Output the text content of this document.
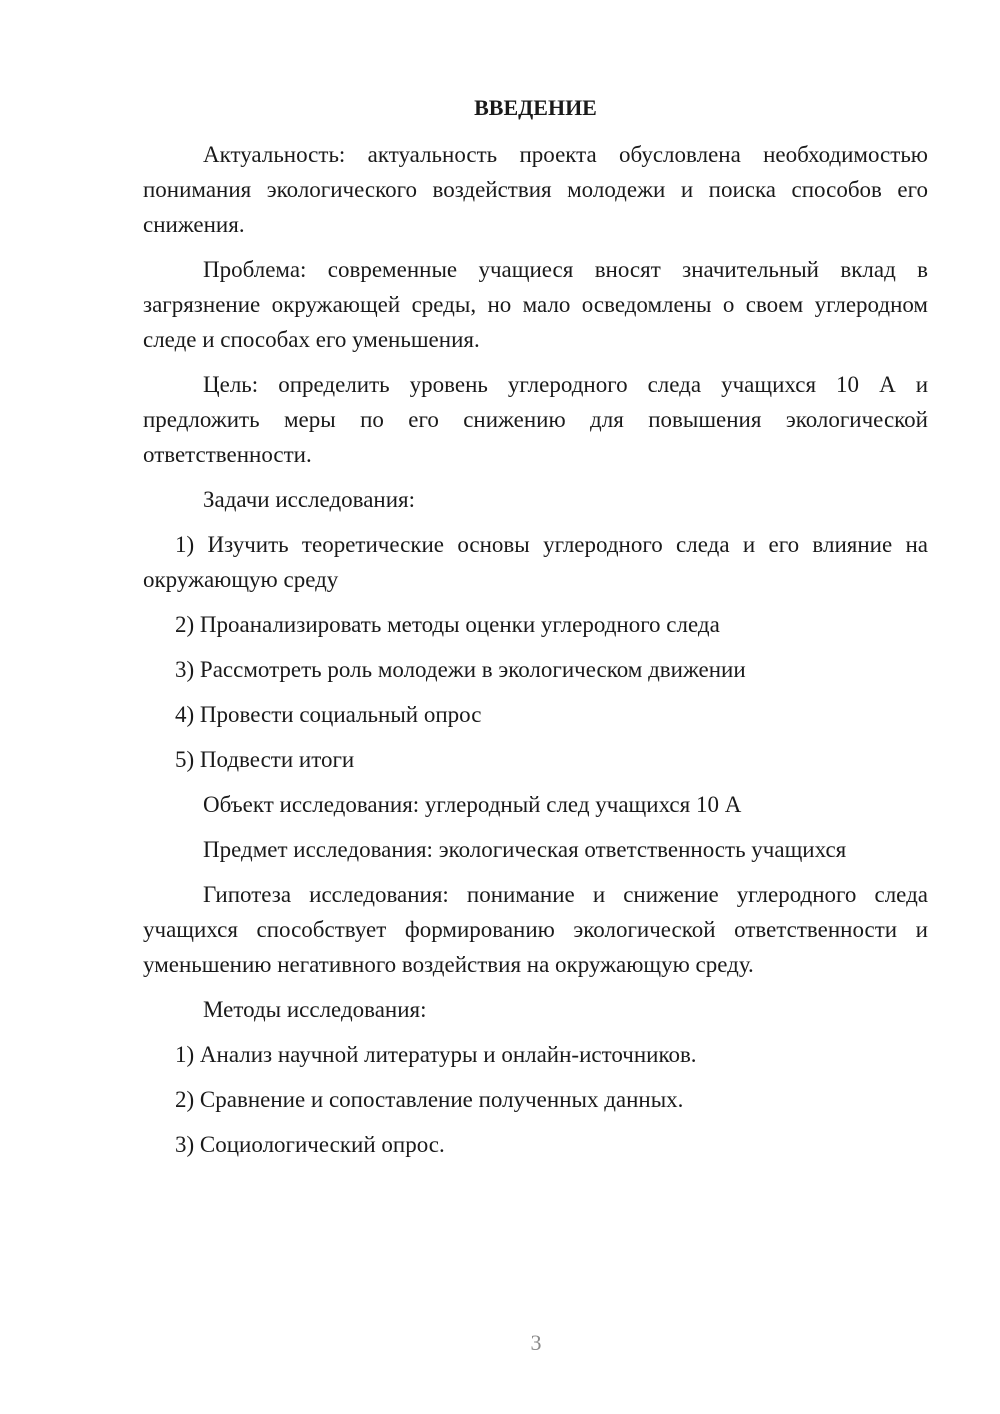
ВВЕДЕНИЕ

Актуальность: актуальность проекта обусловлена необходимостью понимания экологического воздействия молодежи и поиска способов его снижения.

Проблема: современные учащиеся вносят значительный вклад в загрязнение окружающей среды, но мало осведомлены о своем углеродном следе и способах его уменьшения.

Цель: определить уровень углеродного следа учащихся 10 А и предложить меры по его снижению для повышения экологической ответственности.

Задачи исследования:

1) Изучить теоретические основы углеродного следа и его влияние на окружающую среду

2) Проанализировать методы оценки углеродного следа

3) Рассмотреть роль молодежи в экологическом движении

4) Провести социальный опрос

5) Подвести итоги

Объект исследования: углеродный след учащихся 10 А

Предмет исследования: экологическая ответственность учащихся

Гипотеза исследования: понимание и снижение углеродного следа учащихся способствует формированию экологической ответственности и уменьшению негативного воздействия на окружающую среду.

Методы исследования:

1) Анализ научной литературы и онлайн-источников.

2) Сравнение и сопоставление полученных данных.

3) Социологический опрос.

3
